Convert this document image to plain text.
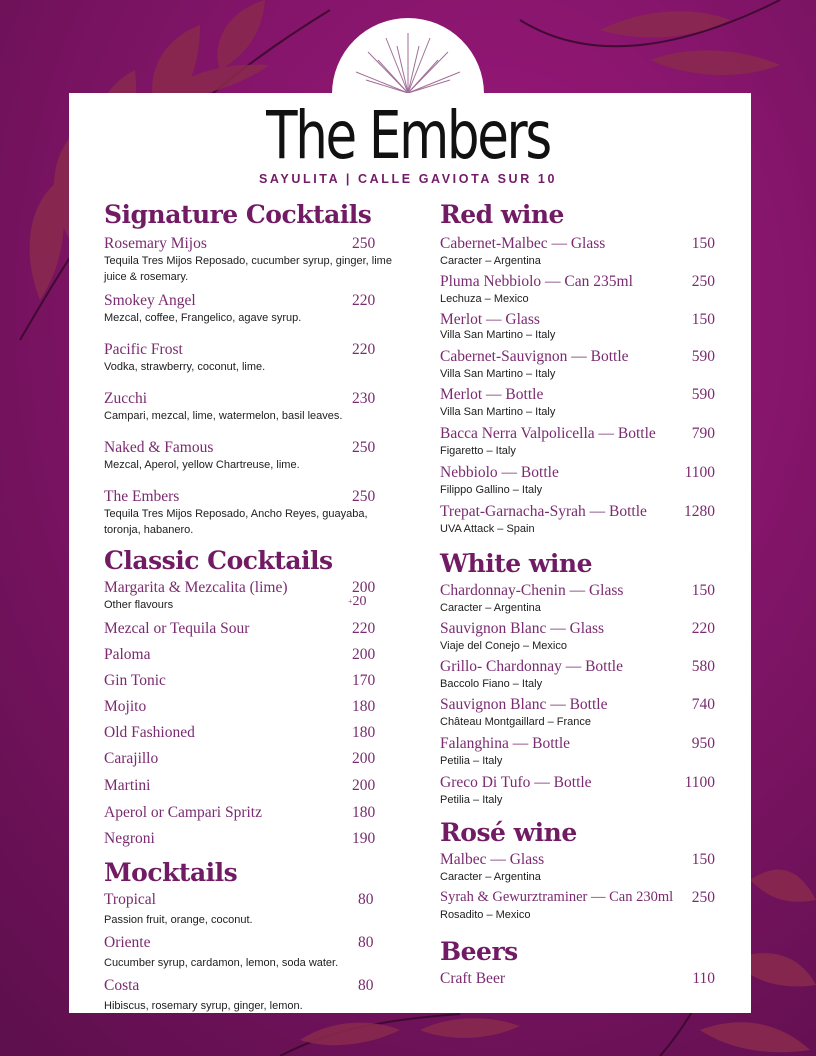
The Embers
SAYULITA | CALLE GAVIOTA SUR 10
Signature Cocktails
Rosemary Mijos	250
Tequila Tres Mijos Reposado, cucumber syrup, ginger, lime juice & rosemary.
Smokey Angel	220
Mezcal, coffee, Frangelico, agave syrup.
Pacific Frost	220
Vodka, strawberry, coconut, lime.
Zucchi	230
Campari, mezcal, lime, watermelon, basil leaves.
Naked & Famous	250
Mezcal, Aperol, yellow Chartreuse, lime.
The Embers	250
Tequila Tres Mijos Reposado, Ancho Reyes, guayaba, toronja, habanero.
Classic Cocktails
Margarita & Mezcalita (lime)	200
+20
Other flavours
Mezcal or Tequila Sour	220
Paloma	200
Gin Tonic	170
Mojito	180
Old Fashioned	180
Carajillo	200
Martini	200
Aperol or Campari Spritz	180
Negroni	190
Mocktails
Tropical	80
Passion fruit, orange, coconut.
Oriente	80
Cucumber syrup, cardamon, lemon, soda water.
Costa	80
Hibiscus, rosemary syrup, ginger, lemon.
Red wine
Cabernet-Malbec — Glass	150
Caracter – Argentina
Pluma Nebbiolo — Can 235ml	250
Lechuza – Mexico
Merlot — Glass	150
Villa San Martino – Italy
Cabernet-Sauvignon — Bottle	590
Villa San Martino – Italy
Merlot — Bottle	590
Villa San Martino – Italy
Bacca Nerra Valpolicella — Bottle 790
Figaretto – Italy
Nebbiolo — Bottle	1100
Filippo Gallino – Italy
Trepat-Garnacha-Syrah — Bottle 1280
UVA Attack – Spain
White wine
Chardonnay-Chenin — Glass	150
Caracter – Argentina
Sauvignon Blanc — Glass	220
Viaje del Conejo – Mexico
Grillo- Chardonnay — Bottle	580
Baccolo Fiano – Italy
Sauvignon Blanc — Bottle	740
Château Montgaillard – France
Falanghina — Bottle	950
Petilia – Italy
Greco Di Tufo — Bottle	1100
Petilia – Italy
Rosé wine
Malbec — Glass	150
Caracter – Argentina
Syrah & Gewurztraminer — Can 230ml 250
Rosadito – Mexico
Beers
Craft Beer	110
